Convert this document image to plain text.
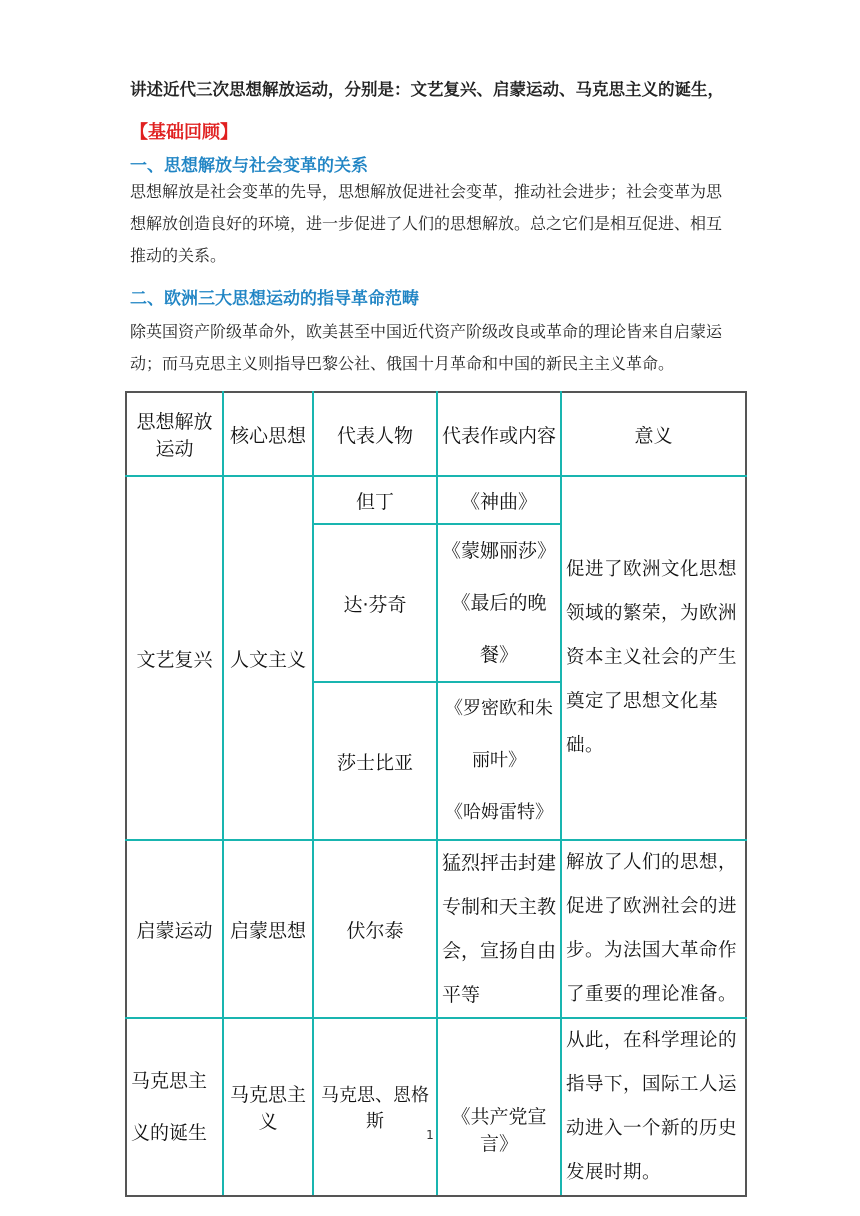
讲述近代三次思想解放运动，分别是：文艺复兴、启蒙运动、马克思主义的诞生，
【基础回顾】
一、思想解放与社会变革的关系
思想解放是社会变革的先导，思想解放促进社会变革，推动社会进步；社会变革为思想解放创造良好的环境，进一步促进了人们的思想解放。总之它们是相互促进、相互推动的关系。
二、欧洲三大思想运动的指导革命范畴
除英国资产阶级革命外，欧美甚至中国近代资产阶级改良或革命的理论皆来自启蒙运动；而马克思主义则指导巴黎公社、俄国十月革命和中国的新民主主义革命。
思想解放运动	核心思想	代表人物	代表作或内容	意义
文艺复兴	人文主义	但丁	《神曲》	促进了欧洲文化思想领域的繁荣，为欧洲资本主义社会的产生奠定了思想文化基础。
		达·芬奇	《蒙娜丽莎》
《最后的晚餐》	

		莎士比亚	《罗密欧和朱丽叶》
《哈姆雷特》	

启蒙运动	启蒙思想	伏尔泰	猛烈抨击封建专制和天主教会，宣扬自由平等	解放了人们的思想，促进了欧洲社会的进步。为法国大革命作了重要的理论准备。
马克思主义的诞生	马克思主义	马克思、恩格斯	《共产党宣言》	从此，在科学理论的指导下，国际工人运动进入一个新的历史发展时期。
1
